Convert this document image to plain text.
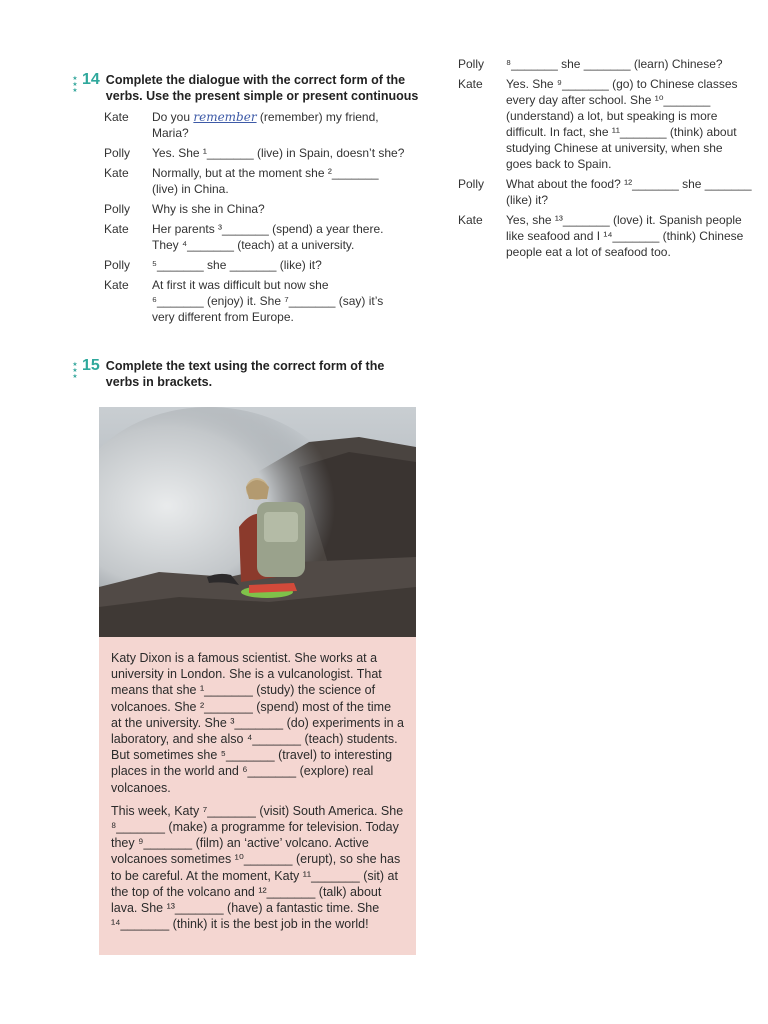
★
★
★
14 Complete the dialogue with the correct form of the
verbs. Use the present simple or present continuous
Kate	Do you remember (remember) my friend,
Maria?
Polly	Yes. She ¹_______ (live) in Spain, doesn’t she?
Kate	Normally, but at the moment she ²_______
(live) in China.
Polly	Why is she in China?
Kate	Her parents ³_______ (spend) a year there.
They ⁴_______ (teach) at a university.
Polly	⁵_______ she _______ (like) it?
Kate	At first it was difficult but now she
⁶_______ (enjoy) it. She ⁷_______ (say) it’s
very different from Europe.
Polly	⁸_______ she _______ (learn) Chinese?
Kate	Yes. She ⁹_______ (go) to Chinese classes
every day after school. She ¹⁰_______
(understand) a lot, but speaking is more
difficult. In fact, she ¹¹_______ (think) about
studying Chinese at university, when she
goes back to Spain.
Polly	What about the food? ¹²_______ she _______
(like) it?
Kate	Yes, she ¹³_______ (love) it. Spanish people
like seafood and I ¹⁴_______ (think) Chinese
people eat a lot of seafood too.
★
★
★
15 Complete the text using the correct form of the
verbs in brackets.

Katy Dixon is a famous scientist. She works at a university in London. She is a vulcanologist. That means that she ¹_______ (study) the science of volcanoes. She ²_______ (spend) most of the time at the university. She ³_______ (do) experiments in a laboratory, and she also ⁴_______ (teach) students. But sometimes she ⁵_______ (travel) to interesting places in the world and ⁶_______ (explore) real volcanoes.

This week, Katy ⁷_______ (visit) South America. She ⁸_______ (make) a programme for television. Today they ⁹_______ (film) an ‘active’ volcano. Active volcanoes sometimes ¹⁰_______ (erupt), so she has to be careful. At the moment, Katy ¹¹_______ (sit) at the top of the volcano and ¹²_______ (talk) about lava. She ¹³_______ (have) a fantastic time. She ¹⁴_______ (think) it is the best job in the world!
